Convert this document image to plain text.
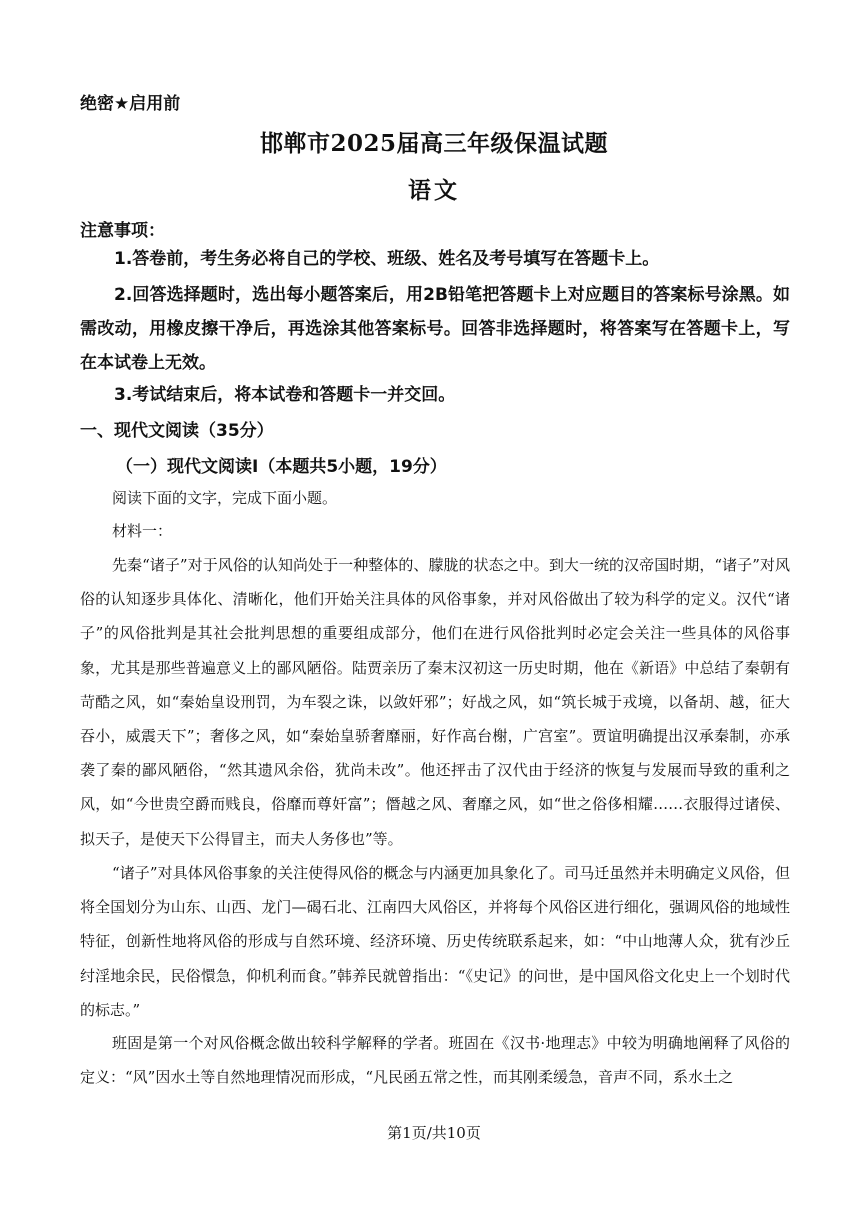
绝密★启用前
邯郸市2025届高三年级保温试题
语文
注意事项：
1.答卷前，考生务必将自己的学校、班级、姓名及考号填写在答题卡上。
2.回答选择题时，选出每小题答案后，用2B铅笔把答题卡上对应题目的答案标号涂黑。如需改动，用橡皮擦干净后，再选涂其他答案标号。回答非选择题时，将答案写在答题卡上，写在本试卷上无效。
3.考试结束后，将本试卷和答题卡一并交回。
一、现代文阅读（35分）
（一）现代文阅读Ⅰ（本题共5小题，19分）
阅读下面的文字，完成下面小题。
材料一：
先秦“诸子”对于风俗的认知尚处于一种整体的、朦胧的状态之中。到大一统的汉帝国时期，“诸子”对风俗的认知逐步具体化、清晰化，他们开始关注具体的风俗事象，并对风俗做出了较为科学的定义。汉代“诸子”的风俗批判是其社会批判思想的重要组成部分，他们在进行风俗批判时必定会关注一些具体的风俗事象，尤其是那些普遍意义上的鄙风陋俗。陆贾亲历了秦末汉初这一历史时期，他在《新语》中总结了秦朝有苛酷之风，如“秦始皇设刑罚，为车裂之诛，以敛奸邪”；好战之风，如“筑长城于戎境，以备胡、越，征大吞小，威震天下”；奢侈之风，如“秦始皇骄奢靡丽，好作高台榭，广宫室”。贾谊明确提出汉承秦制，亦承袭了秦的鄙风陋俗，“然其遗风余俗，犹尚未改”。他还抨击了汉代由于经济的恢复与发展而导致的重利之风，如“今世贵空爵而贱良，俗靡而尊奸富”；僭越之风、奢靡之风，如“世之俗侈相耀……衣服得过诸侯、拟天子，是使天下公得冒主，而夫人务侈也”等。
“诸子”对具体风俗事象的关注使得风俗的概念与内涵更加具象化了。司马迁虽然并未明确定义风俗，但将全国划分为山东、山西、龙门—碣石北、江南四大风俗区，并将每个风俗区进行细化，强调风俗的地域性特征，创新性地将风俗的形成与自然环境、经济环境、历史传统联系起来，如：“中山地薄人众，犹有沙丘纣淫地余民，民俗懁急，仰机利而食。”韩养民就曾指出：“《史记》的问世，是中国风俗文化史上一个划时代的标志。”
班固是第一个对风俗概念做出较科学解释的学者。班固在《汉书·地理志》中较为明确地阐释了风俗的定义：“风”因水土等自然地理情况而形成，“凡民函五常之性，而其刚柔缓急，音声不同，系水土之
第1页/共10页
